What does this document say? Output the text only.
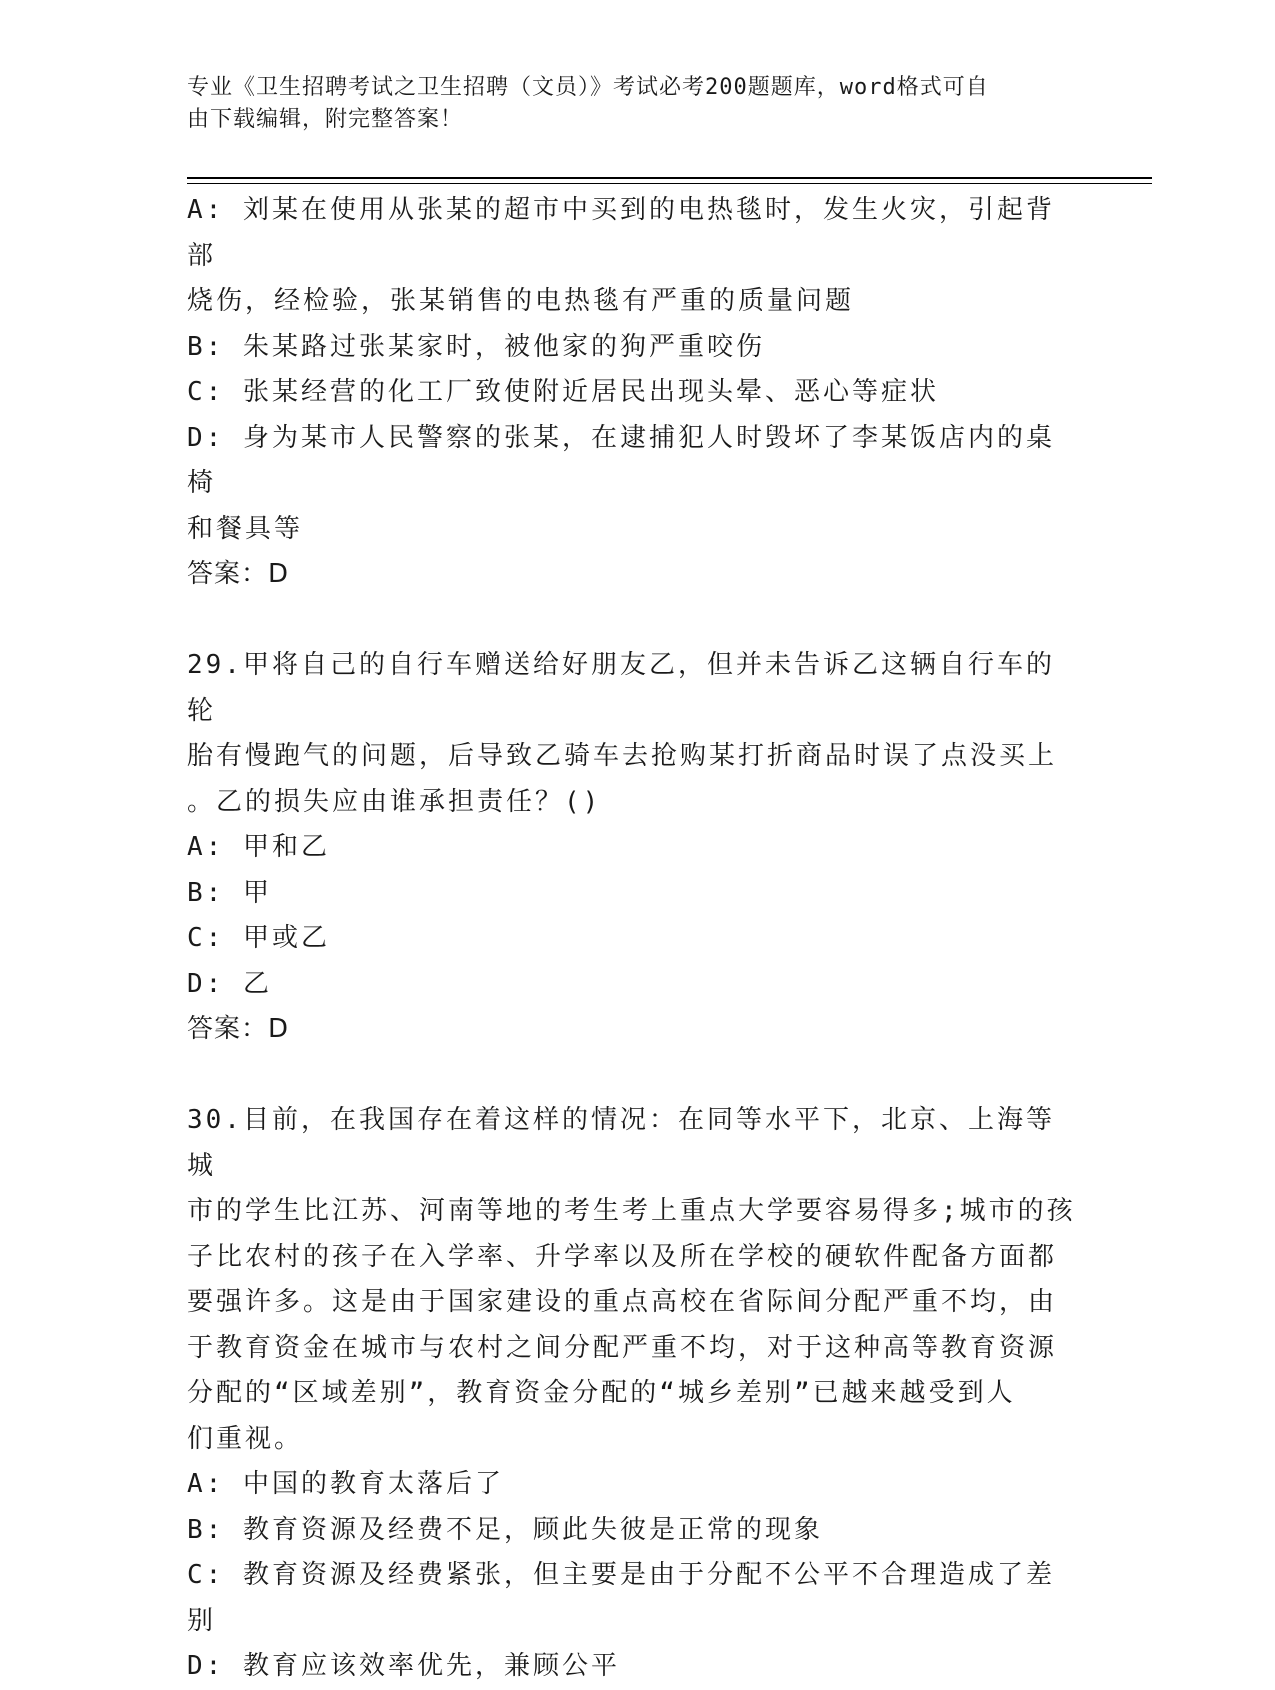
专业《卫生招聘考试之卫生招聘（文员）》考试必考200题题库，word格式可自
由下载编辑，附完整答案！

A: 刘某在使用从张某的超市中买到的电热毯时，发生火灾，引起背部

烧伤，经检验，张某销售的电热毯有严重的质量问题

B: 朱某路过张某家时，被他家的狗严重咬伤

C: 张某经营的化工厂致使附近居民出现头晕、恶心等症状

D: 身为某市人民警察的张某，在逮捕犯人时毁坏了李某饭店内的桌椅

和餐具等

答案：D

29.甲将自己的自行车赠送给好朋友乙，但并未告诉乙这辆自行车的轮

胎有慢跑气的问题，后导致乙骑车去抢购某打折商品时误了点没买上

。乙的损失应由谁承担责任？()

A: 甲和乙

B: 甲

C: 甲或乙

D: 乙

答案：D

30.目前，在我国存在着这样的情况：在同等水平下，北京、上海等城

市的学生比江苏、河南等地的考生考上重点大学要容易得多;城市的孩

子比农村的孩子在入学率、升学率以及所在学校的硬软件配备方面都

要强许多。这是由于国家建设的重点高校在省际间分配严重不均，由

于教育资金在城市与农村之间分配严重不均，对于这种高等教育资源

分配的“区域差别”，教育资金分配的“城乡差别”已越来越受到人

们重视。

A: 中国的教育太落后了

B: 教育资源及经费不足，顾此失彼是正常的现象

C: 教育资源及经费紧张，但主要是由于分配不公平不合理造成了差别

D: 教育应该效率优先，兼顾公平
